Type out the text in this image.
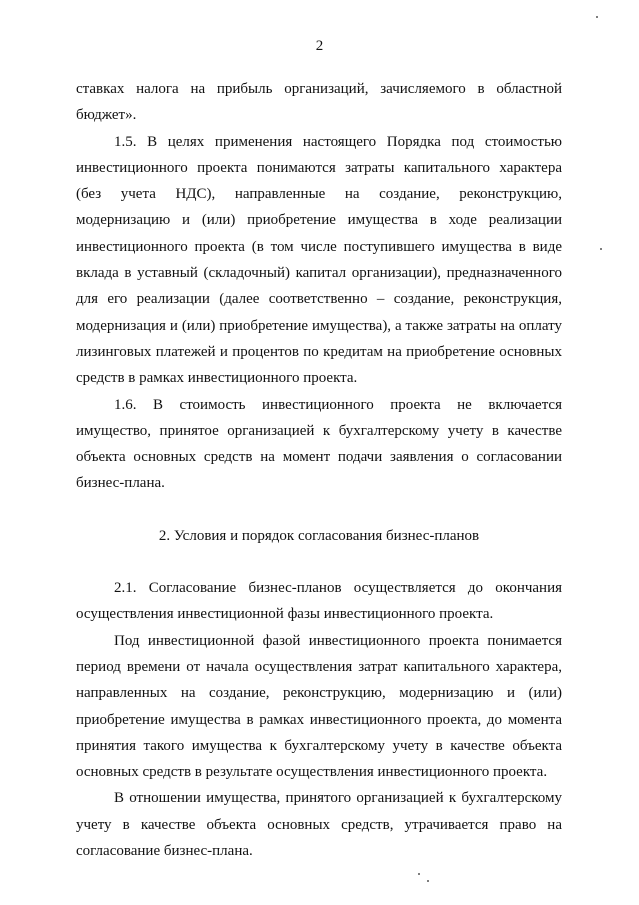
2

ставках налога на прибыль организаций, зачисляемого в областной бюджет».

1.5. В целях применения настоящего Порядка под стоимостью инвестиционного проекта понимаются затраты капитального характера (без учета НДС), направленные на создание, реконструкцию, модернизацию и (или) приобретение имущества в ходе реализации инвестиционного проекта (в том числе поступившего имущества в виде вклада в уставный (складочный) капитал организации), предназначенного для его реализации (далее соответственно – создание, реконструкция, модернизация и (или) приобретение имущества), а также затраты на оплату лизинговых платежей и процентов по кредитам на приобретение основных средств в рамках инвестиционного проекта.

1.6. В стоимость инвестиционного проекта не включается имущество, принятое организацией к бухгалтерскому учету в качестве объекта основных средств на момент подачи заявления о согласовании бизнес-плана.

2. Условия и порядок согласования бизнес-планов

2.1. Согласование бизнес-планов осуществляется до окончания осуществления инвестиционной фазы инвестиционного проекта.

Под инвестиционной фазой инвестиционного проекта понимается период времени от начала осуществления затрат капитального характера, направленных на создание, реконструкцию, модернизацию и (или) приобретение имущества в рамках инвестиционного проекта, до момента принятия такого имущества к бухгалтерскому учету в качестве объекта основных средств в результате осуществления инвестиционного проекта.

В отношении имущества, принятого организацией к бухгалтерскому учету в качестве объекта основных средств, утрачивается право на согласование бизнес-плана.
